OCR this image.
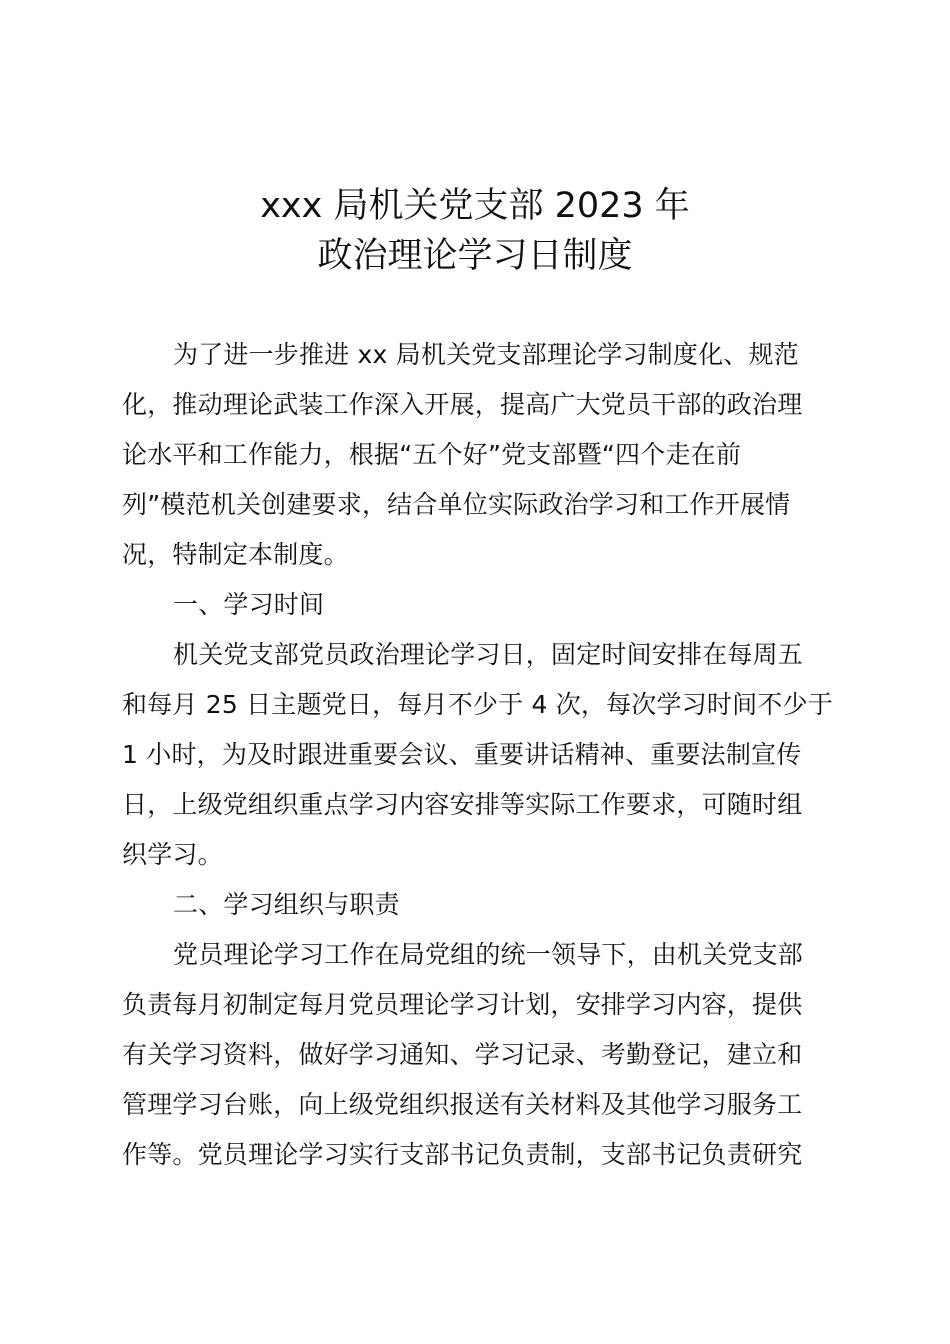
xxx 局机关党支部 2023 年
政治理论学习日制度
为了进一步推进 xx 局机关党支部理论学习制度化、规范
化，推动理论武装工作深入开展，提高广大党员干部的政治理
论水平和工作能力，根据“五个好”党支部暨“四个走在前
列”模范机关创建要求，结合单位实际政治学习和工作开展情
况，特制定本制度。
一、学习时间
机关党支部党员政治理论学习日，固定时间安排在每周五
和每月 25 日主题党日，每月不少于 4 次，每次学习时间不少于
1 小时，为及时跟进重要会议、重要讲话精神、重要法制宣传
日，上级党组织重点学习内容安排等实际工作要求，可随时组
织学习。
二、学习组织与职责
党员理论学习工作在局党组的统一领导下，由机关党支部
负责每月初制定每月党员理论学习计划，安排学习内容，提供
有关学习资料，做好学习通知、学习记录、考勤登记，建立和
管理学习台账，向上级党组织报送有关材料及其他学习服务工
作等。党员理论学习实行支部书记负责制，支部书记负责研究
